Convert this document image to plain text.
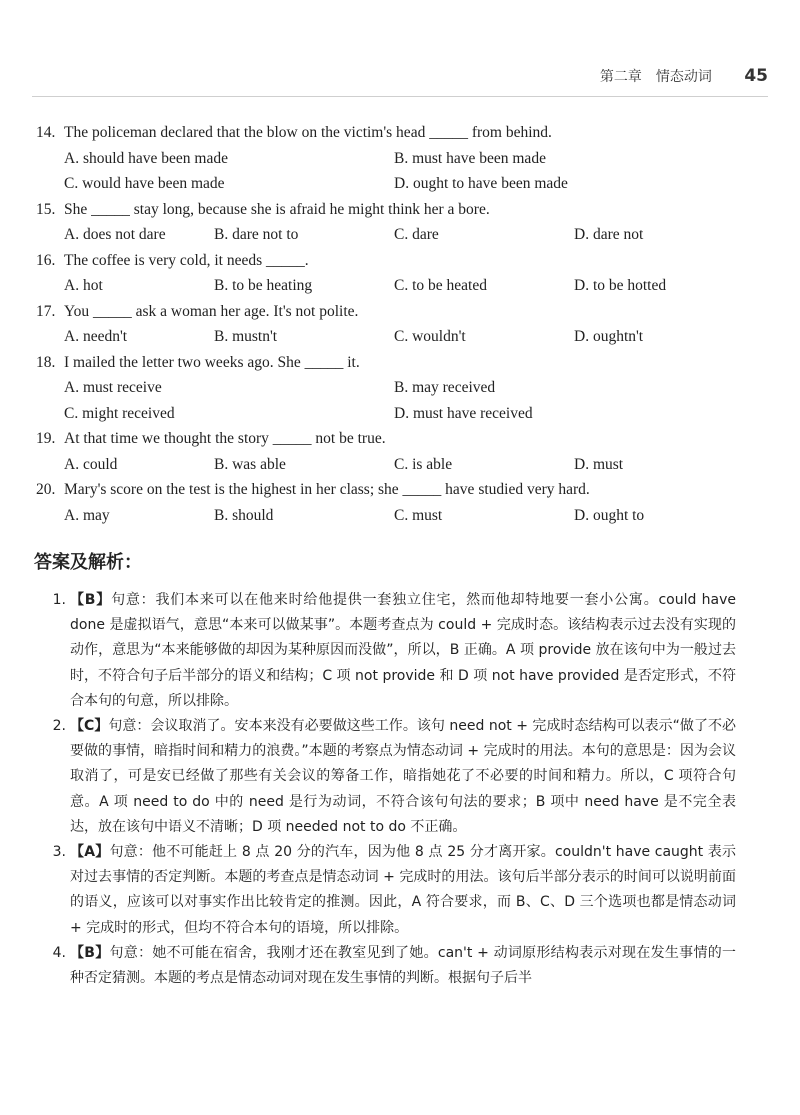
第二章　情态动词 45
14. The policeman declared that the blow on the victim's head _____ from behind.
A. should have been made	B. must have been made
C. would have been made	D. ought to have been made
15. She _____ stay long, because she is afraid he might think her a bore.
A. does not dare	B. dare not to	C. dare	D. dare not
16. The coffee is very cold, it needs _____.
A. hot	B. to be heating	C. to be heated	D. to be hotted
17. You _____ ask a woman her age. It's not polite.
A. needn't	B. mustn't	C. wouldn't	D. oughtn't
18. I mailed the letter two weeks ago. She _____ it.
A. must receive	B. may received
C. might received	D. must have received
19. At that time we thought the story _____ not be true.
A. could	B. was able	C. is able	D. must
20. Mary's score on the test is the highest in her class; she _____ have studied very hard.
A. may	B. should	C. must	D. ought to
答案及解析：
1. 【B】句意：我们本来可以在他来时给他提供一套独立住宅，然而他却特地要一套小公寓。could have done 是虚拟语气，意思“本来可以做某事”。本题考查点为 could + 完成时态。该结构表示过去没有实现的动作，意思为“本来能够做的却因为某种原因而没做”，所以，B 正确。A 项 provide 放在该句中为一般过去时，不符合句子后半部分的语义和结构；C 项 not provide 和 D 项 not have provided 是否定形式，不符合本句的句意，所以排除。
2. 【C】句意：会议取消了。安本来没有必要做这些工作。该句 need not + 完成时态结构可以表示“做了不必要做的事情，暗指时间和精力的浪费。”本题的考察点为情态动词 + 完成时的用法。本句的意思是：因为会议取消了，可是安已经做了那些有关会议的筹备工作，暗指她花了不必要的时间和精力。所以，C 项符合句意。A 项 need to do 中的 need 是行为动词，不符合该句句法的要求；B 项中 need have 是不完全表达，放在该句中语义不清晰；D 项 needed not to do 不正确。
3. 【A】句意：他不可能赶上 8 点 20 分的汽车，因为他 8 点 25 分才离开家。couldn't have caught 表示对过去事情的否定判断。本题的考查点是情态动词 + 完成时的用法。该句后半部分表示的时间可以说明前面的语义，应该可以对事实作出比较肯定的推测。因此，A 符合要求，而 B、C、D 三个选项也都是情态动词 + 完成时的形式，但均不符合本句的语境，所以排除。
4. 【B】句意：她不可能在宿舍，我刚才还在教室见到了她。can't + 动词原形结构表示对现在发生事情的一种否定猜测。本题的考点是情态动词对现在发生事情的判断。根据句子后半
